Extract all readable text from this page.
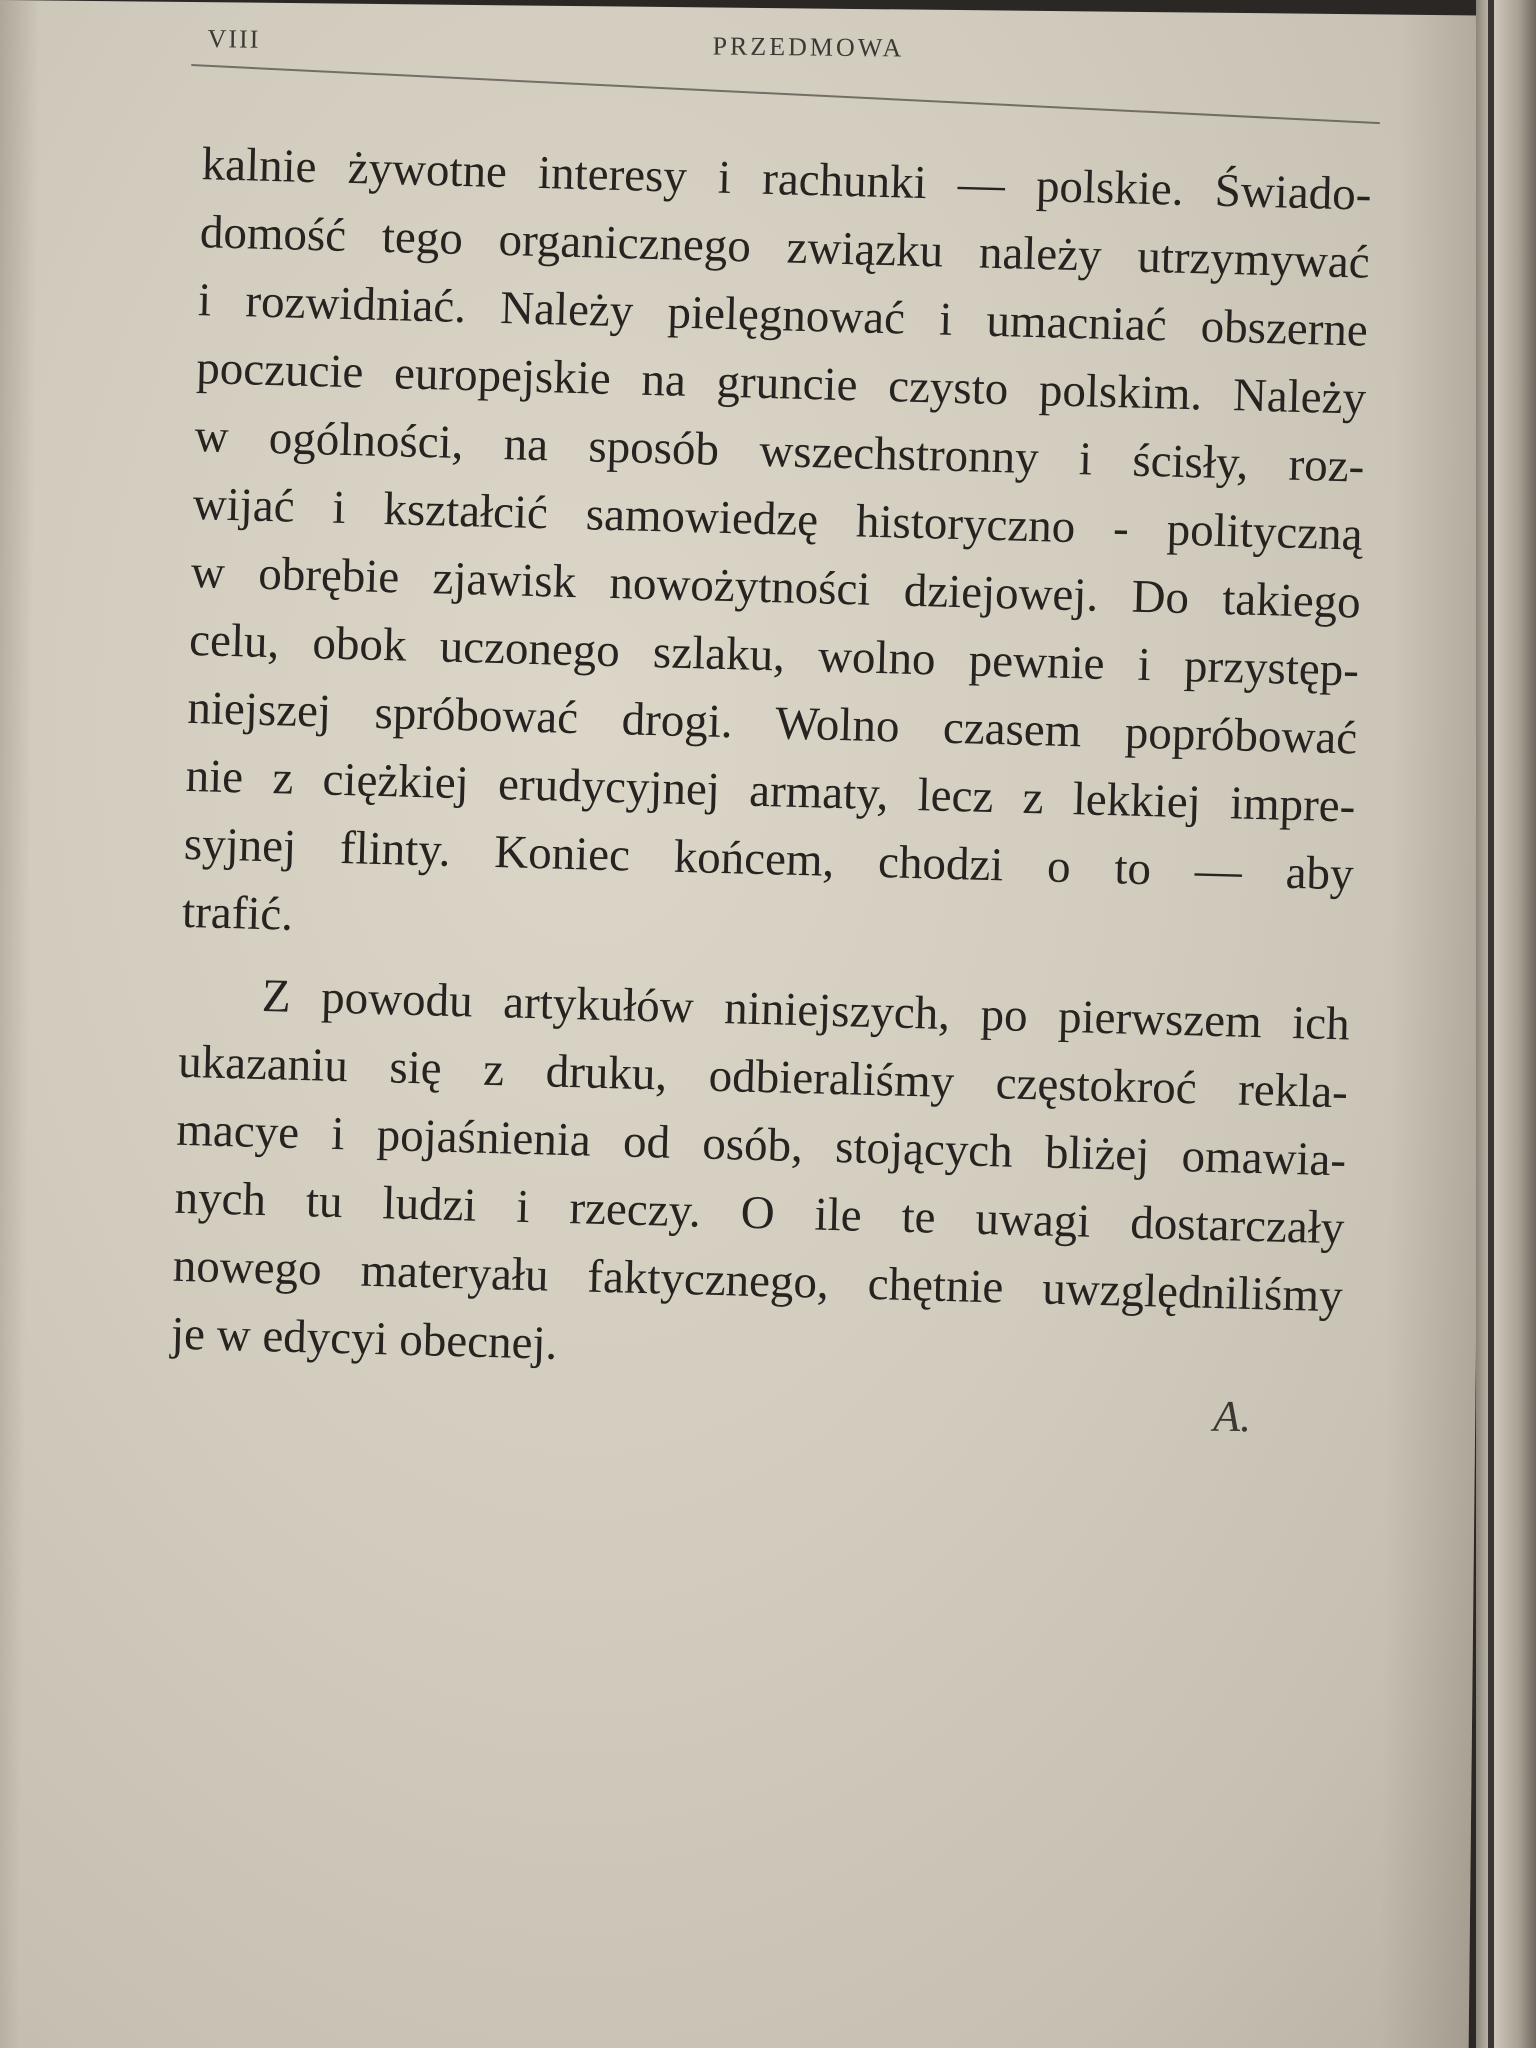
VIII	PRZEDMOWA
kalnie żywotne interesy i rachunki — polskie. Świado-
domość tego organicznego związku należy utrzymywać
i rozwidniać. Należy pielęgnować i umacniać obszerne
poczucie europejskie na gruncie czysto polskim. Należy
w ogólności, na sposób wszechstronny i ścisły, roz-
wijać i kształcić samowiedzę historyczno - polityczną
w obrębie zjawisk nowożytności dziejowej. Do takiego
celu, obok uczonego szlaku, wolno pewnie i przystęp-
niejszej spróbować drogi. Wolno czasem popróbować
nie z ciężkiej erudycyjnej armaty, lecz z lekkiej impre-
syjnej flinty. Koniec końcem, chodzi o to — aby
trafić.
Z powodu artykułów niniejszych, po pierwszem ich
ukazaniu się z druku, odbieraliśmy częstokroć rekla-
macye i pojaśnienia od osób, stojących bliżej omawia-
nych tu ludzi i rzeczy. O ile te uwagi dostarczały
nowego materyału faktycznego, chętnie uwzględniliśmy
je w edycyi obecnej.
A.
